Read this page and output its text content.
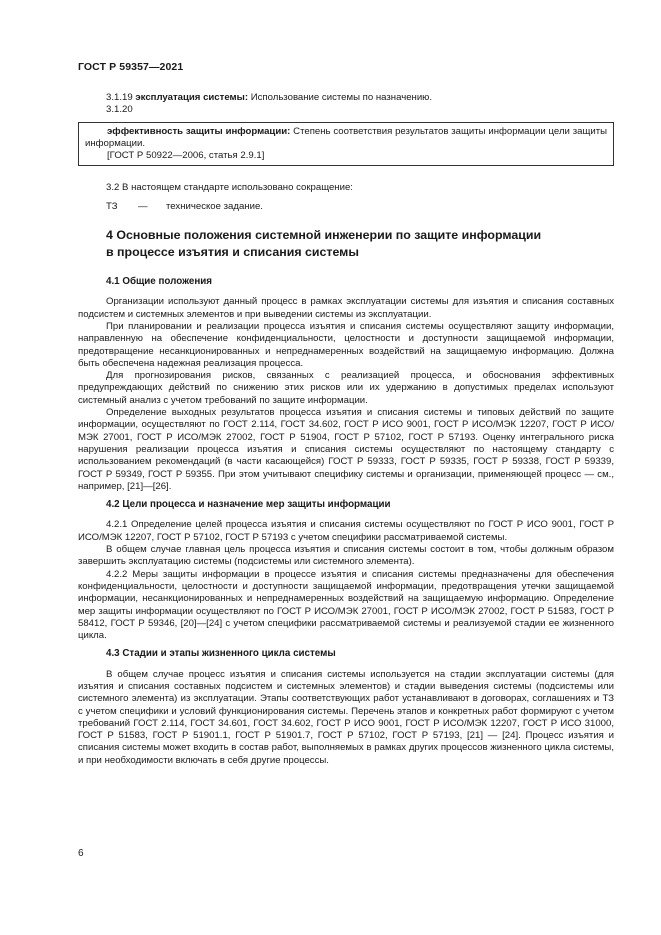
ГОСТ Р 59357—2021

3.1.19 эксплуатация системы: Использование системы по назначению.

3.1.20

эффективность защиты информации: Степень соответствия результатов защиты информации цели защиты информации.

[ГОСТ Р 50922—2006, статья 2.9.1]

3.2 В настоящем стандарте использовано сокращение:

ТЗ — техническое задание.
4 Основные положения системной инженерии по защите информации
в процессе изъятия и списания системы
4.1 Общие положения

Организации используют данный процесс в рамках эксплуатации системы для изъятия и списания составных подсистем и системных элементов и при выведении системы из эксплуатации.

При планировании и реализации процесса изъятия и списания системы осуществляют защиту информации, направленную на обеспечение конфиденциальности, целостности и доступности защищаемой информации, предотвращение несанкционированных и непреднамеренных воздействий на защищаемую информацию. Должна быть обеспечена надежная реализация процесса.

Для прогнозирования рисков, связанных с реализацией процесса, и обоснования эффективных предупреждающих действий по снижению этих рисков или их удержанию в допустимых пределах используют системный анализ с учетом требований по защите информации.

Определение выходных результатов процесса изъятия и списания системы и типовых действий по защите информации, осуществляют по ГОСТ 2.114, ГОСТ 34.602, ГОСТ Р ИСО 9001, ГОСТ Р ИСО/МЭК 12207, ГОСТ Р ИСО/МЭК 27001, ГОСТ Р ИСО/МЭК 27002, ГОСТ Р 51904, ГОСТ Р 57102, ГОСТ Р 57193. Оценку интегрального риска нарушения реализации процесса изъятия и списания системы осуществляют по настоящему стандарту с использованием рекомендаций (в части касающейся) ГОСТ Р 59333, ГОСТ Р 59335, ГОСТ Р 59338, ГОСТ Р 59339, ГОСТ Р 59349, ГОСТ Р 59355. При этом учитывают специфику системы и организации, применяющей процесс — см., например, [21]—[26].

4.2 Цели процесса и назначение мер защиты информации

4.2.1 Определение целей процесса изъятия и списания системы осуществляют по ГОСТ Р ИСО 9001, ГОСТ Р ИСО/МЭК 12207, ГОСТ Р 57102, ГОСТ Р 57193 с учетом специфики рассматриваемой системы.

В общем случае главная цель процесса изъятия и списания системы состоит в том, чтобы должным образом завершить эксплуатацию системы (подсистемы или системного элемента).

4.2.2 Меры защиты информации в процессе изъятия и списания системы предназначены для обеспечения конфиденциальности, целостности и доступности защищаемой информации, предотвращения утечки защищаемой информации, несанкционированных и непреднамеренных воздействий на защищаемую информацию. Определение мер защиты информации осуществляют по ГОСТ Р ИСО/МЭК 27001, ГОСТ Р ИСО/МЭК 27002, ГОСТ Р 51583, ГОСТ Р 58412, ГОСТ Р 59346, [20]—[24] с учетом специфики рассматриваемой системы и реализуемой стадии ее жизненного цикла.

4.3 Стадии и этапы жизненного цикла системы

В общем случае процесс изъятия и списания системы используется на стадии эксплуатации системы (для изъятия и списания составных подсистем и системных элементов) и стадии выведения системы (подсистемы или системного элемента) из эксплуатации. Этапы соответствующих работ устанавливают в договорах, соглашениях и ТЗ с учетом специфики и условий функционирования системы. Перечень этапов и конкретных работ формируют с учетом требований ГОСТ 2.114, ГОСТ 34.601, ГОСТ 34.602, ГОСТ Р ИСО 9001, ГОСТ Р ИСО/МЭК 12207, ГОСТ Р ИСО 31000, ГОСТ Р 51583, ГОСТ Р 51901.1, ГОСТ Р 51901.7, ГОСТ Р 57102, ГОСТ Р 57193, [21] — [24]. Процесс изъятия и списания системы может входить в состав работ, выполняемых в рамках других процессов жизненного цикла системы, и при необходимости включать в себя другие процессы.

6
